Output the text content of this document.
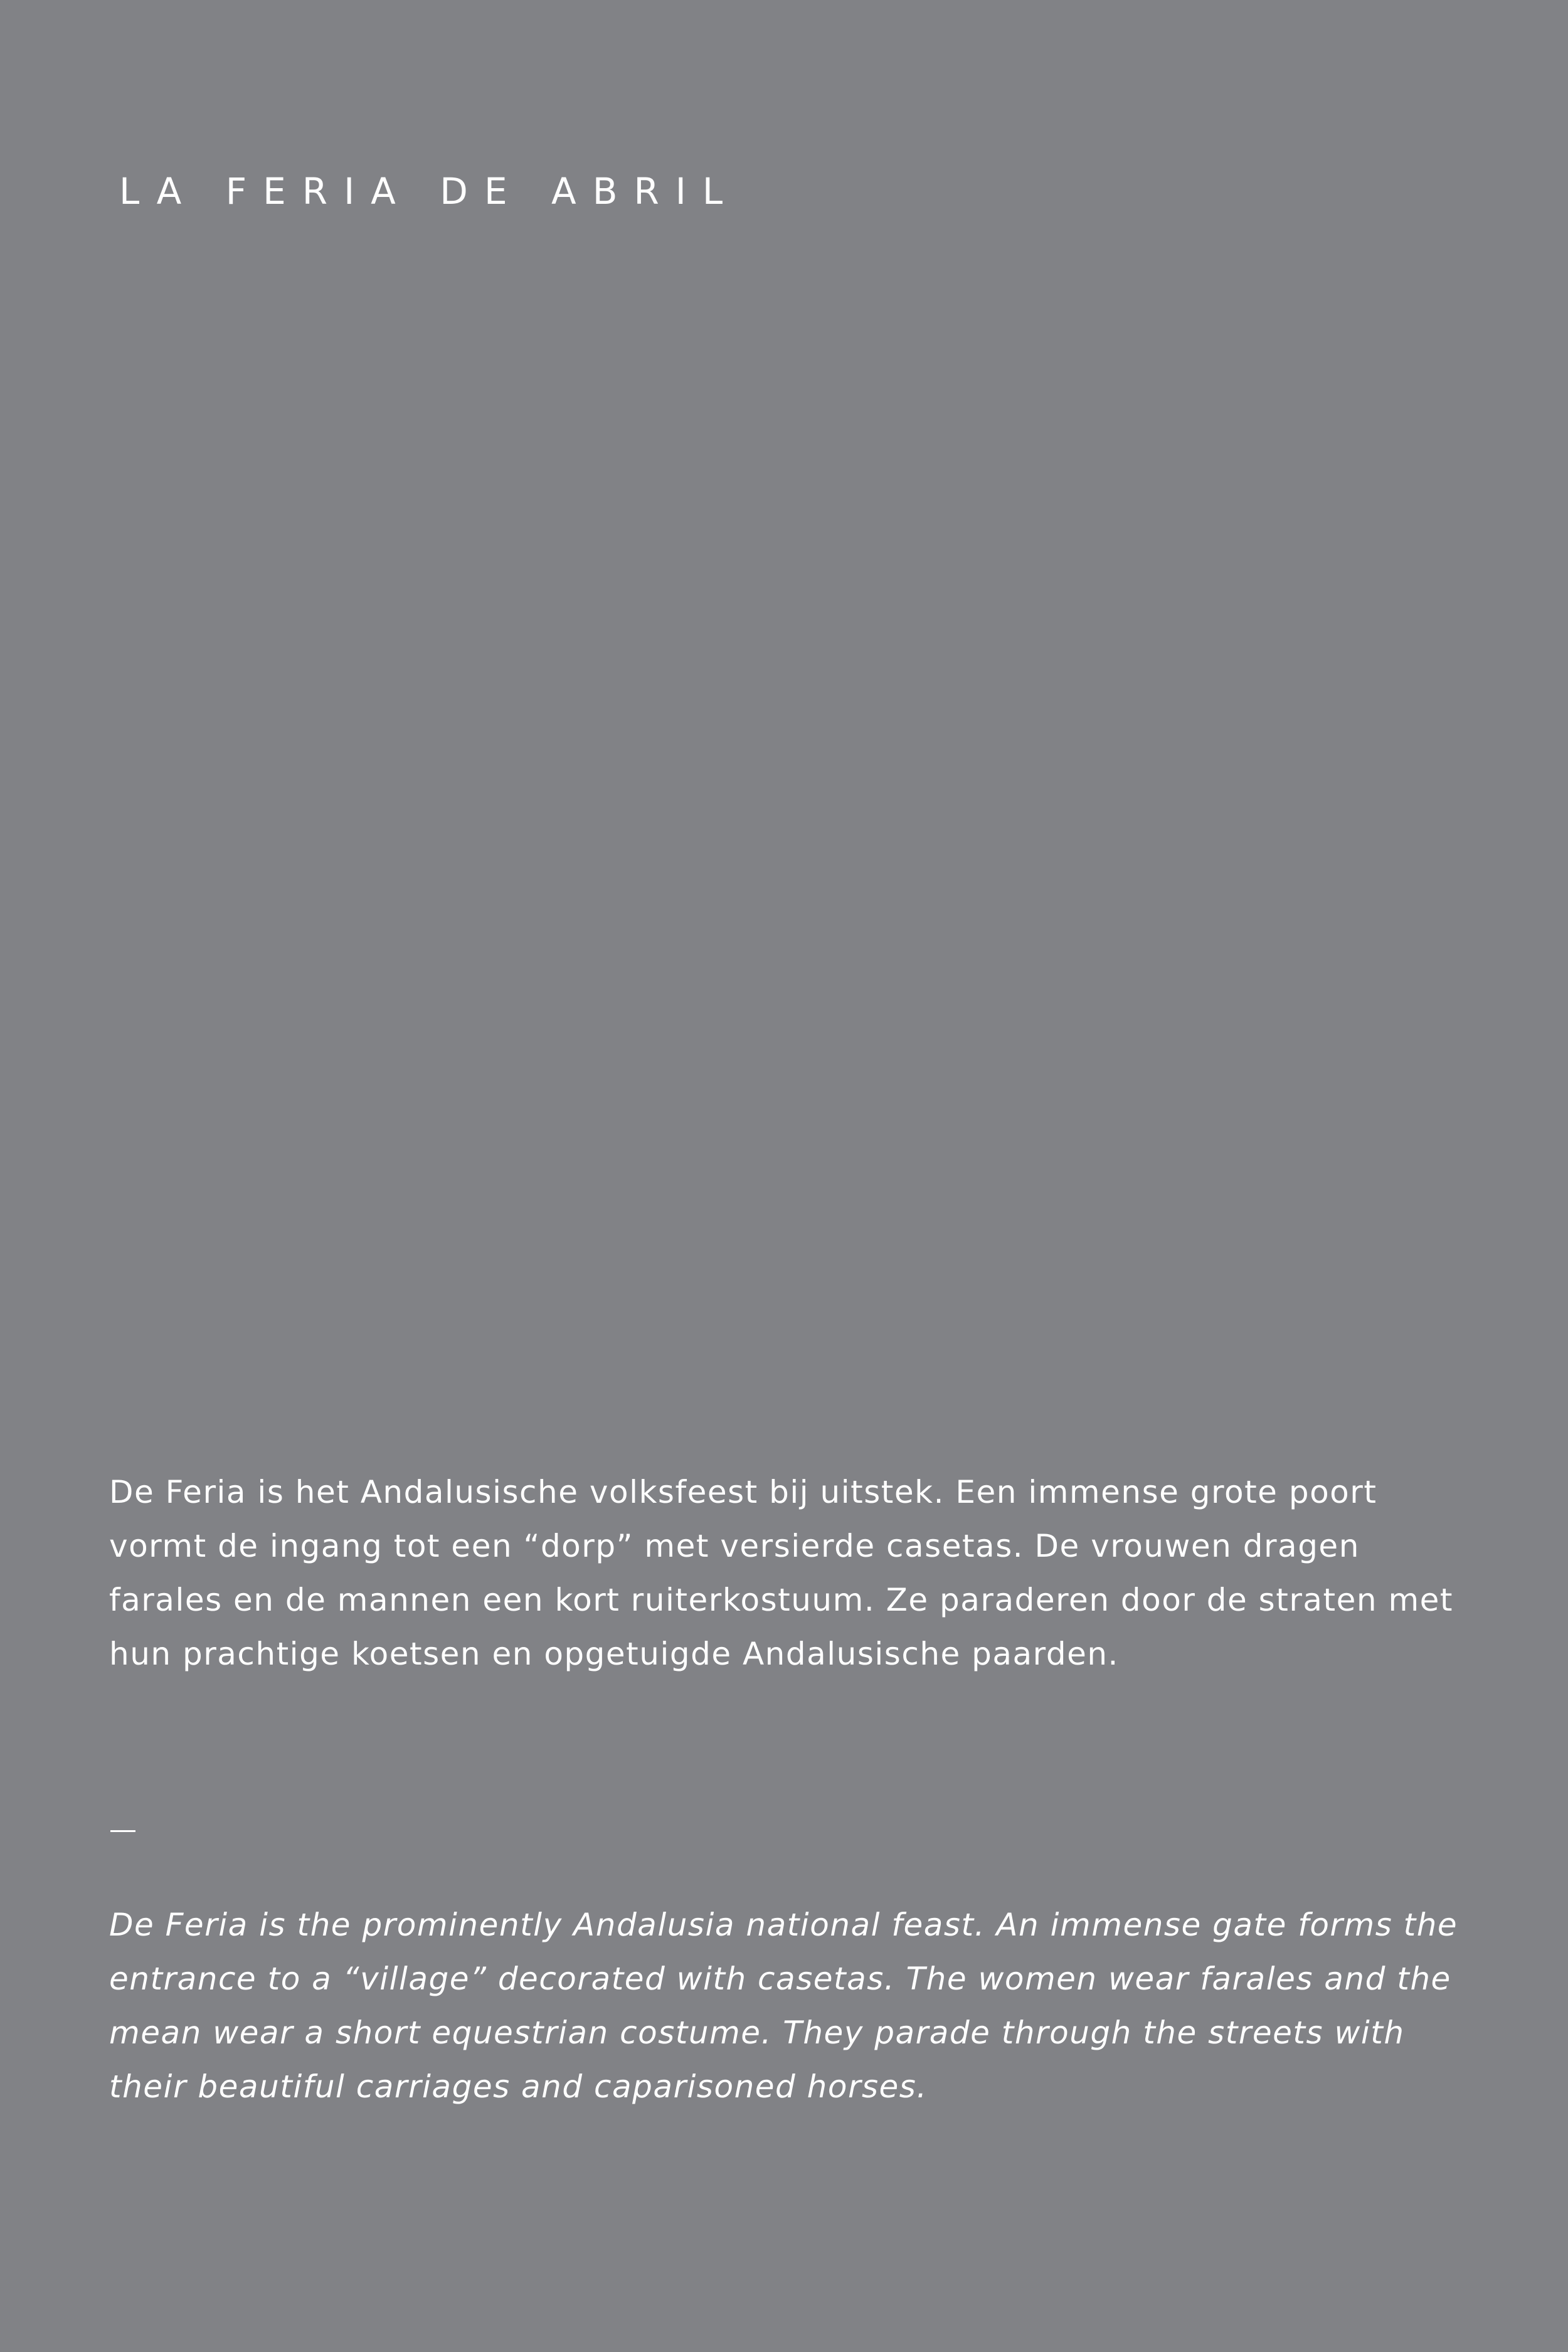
LA FERIA DE ABRIL

De Feria is het Andalusische volksfeest bij uitstek. Een immense grote poort vormt de ingang tot een “dorp” met versierde casetas. De vrouwen dragen farales en de mannen een kort ruiterkostuum. Ze paraderen door de straten met hun prachtige koetsen en opgetuigde Andalusische paarden.

De Feria is the prominently Andalusia national feast. An immense gate forms the entrance to a “village” decorated with casetas. The women wear farales and the mean wear a short equestrian costume. They parade through the streets with their beautiful carriages and caparisoned horses.
